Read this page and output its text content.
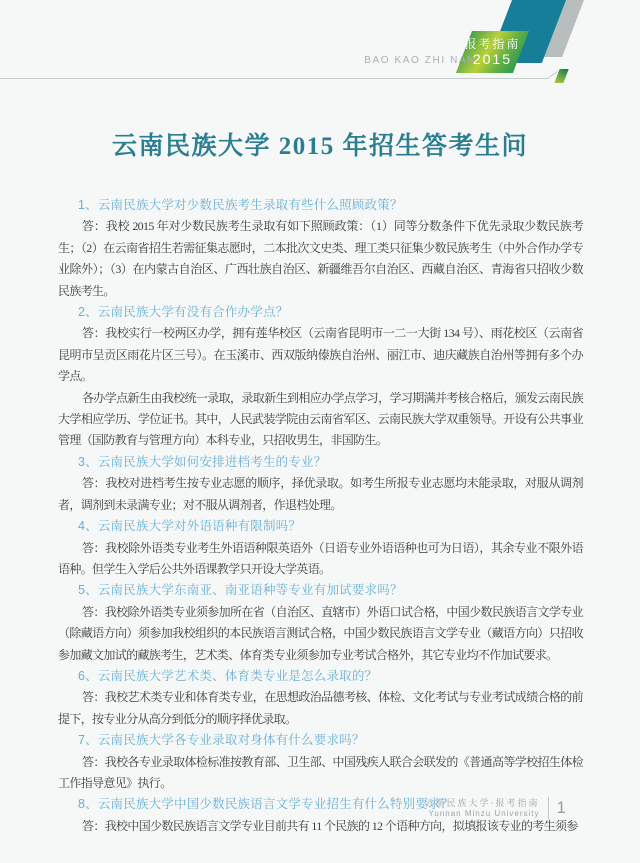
报考指南
2015
BAO KAO ZHI NAN
云南民族大学 2015 年招生答考生问
1、云南民族大学对少数民族考生录取有些什么照顾政策？

答：我校 2015 年对少数民族考生录取有如下照顾政策：（1）同等分数条件下优先录取少数民族考生；（2）在云南省招生若需征集志愿时，二本批次文史类、理工类只征集少数民族考生（中外合作办学专业除外）；（3）在内蒙古自治区、广西壮族自治区、新疆维吾尔自治区、西藏自治区、青海省只招收少数民族考生。

2、云南民族大学有没有合作办学点？

答：我校实行一校两区办学，拥有莲华校区（云南省昆明市一二一大街 134 号）、雨花校区（云南省昆明市呈贡区雨花片区三号）。在玉溪市、西双版纳傣族自治州、丽江市、迪庆藏族自治州等拥有多个办学点。

各办学点新生由我校统一录取，录取新生到相应办学点学习，学习期满并考核合格后，颁发云南民族大学相应学历、学位证书。其中，人民武装学院由云南省军区、云南民族大学双重领导。开设有公共事业管理（国防教育与管理方向）本科专业，只招收男生，非国防生。

3、云南民族大学如何安排进档考生的专业？

答：我校对进档考生按专业志愿的顺序，择优录取。如考生所报专业志愿均未能录取，对服从调剂者，调剂到未录满专业；对不服从调剂者，作退档处理。

4、云南民族大学对外语语种有限制吗？

答：我校除外语类专业考生外语语种限英语外（日语专业外语语种也可为日语），其余专业不限外语语种。但学生入学后公共外语课教学只开设大学英语。

5、云南民族大学东南亚、南亚语种等专业有加试要求吗？

答：我校除外语类专业须参加所在省（自治区、直辖市）外语口试合格，中国少数民族语言文学专业（除藏语方向）须参加我校组织的本民族语言测试合格，中国少数民族语言文学专业（藏语方向）只招收参加藏文加试的藏族考生，艺术类、体育类专业须参加专业考试合格外，其它专业均不作加试要求。

6、云南民族大学艺术类、体育类专业是怎么录取的？

答：我校艺术类专业和体育类专业，在思想政治品德考核、体检、文化考试与专业考试成绩合格的前提下，按专业分从高分到低分的顺序择优录取。

7、云南民族大学各专业录取对身体有什么要求吗？

答：我校各专业录取体检标准按教育部、卫生部、中国残疾人联合会联发的《普通高等学校招生体检工作指导意见》执行。

8、云南民族大学中国少数民族语言文学专业招生有什么特别要求？

答：我校中国少数民族语言文学专业目前共有 11 个民族的 12 个语种方向，拟填报该专业的考生须参

云南民族大学·报考指南
Yunnan Minzu University 1
